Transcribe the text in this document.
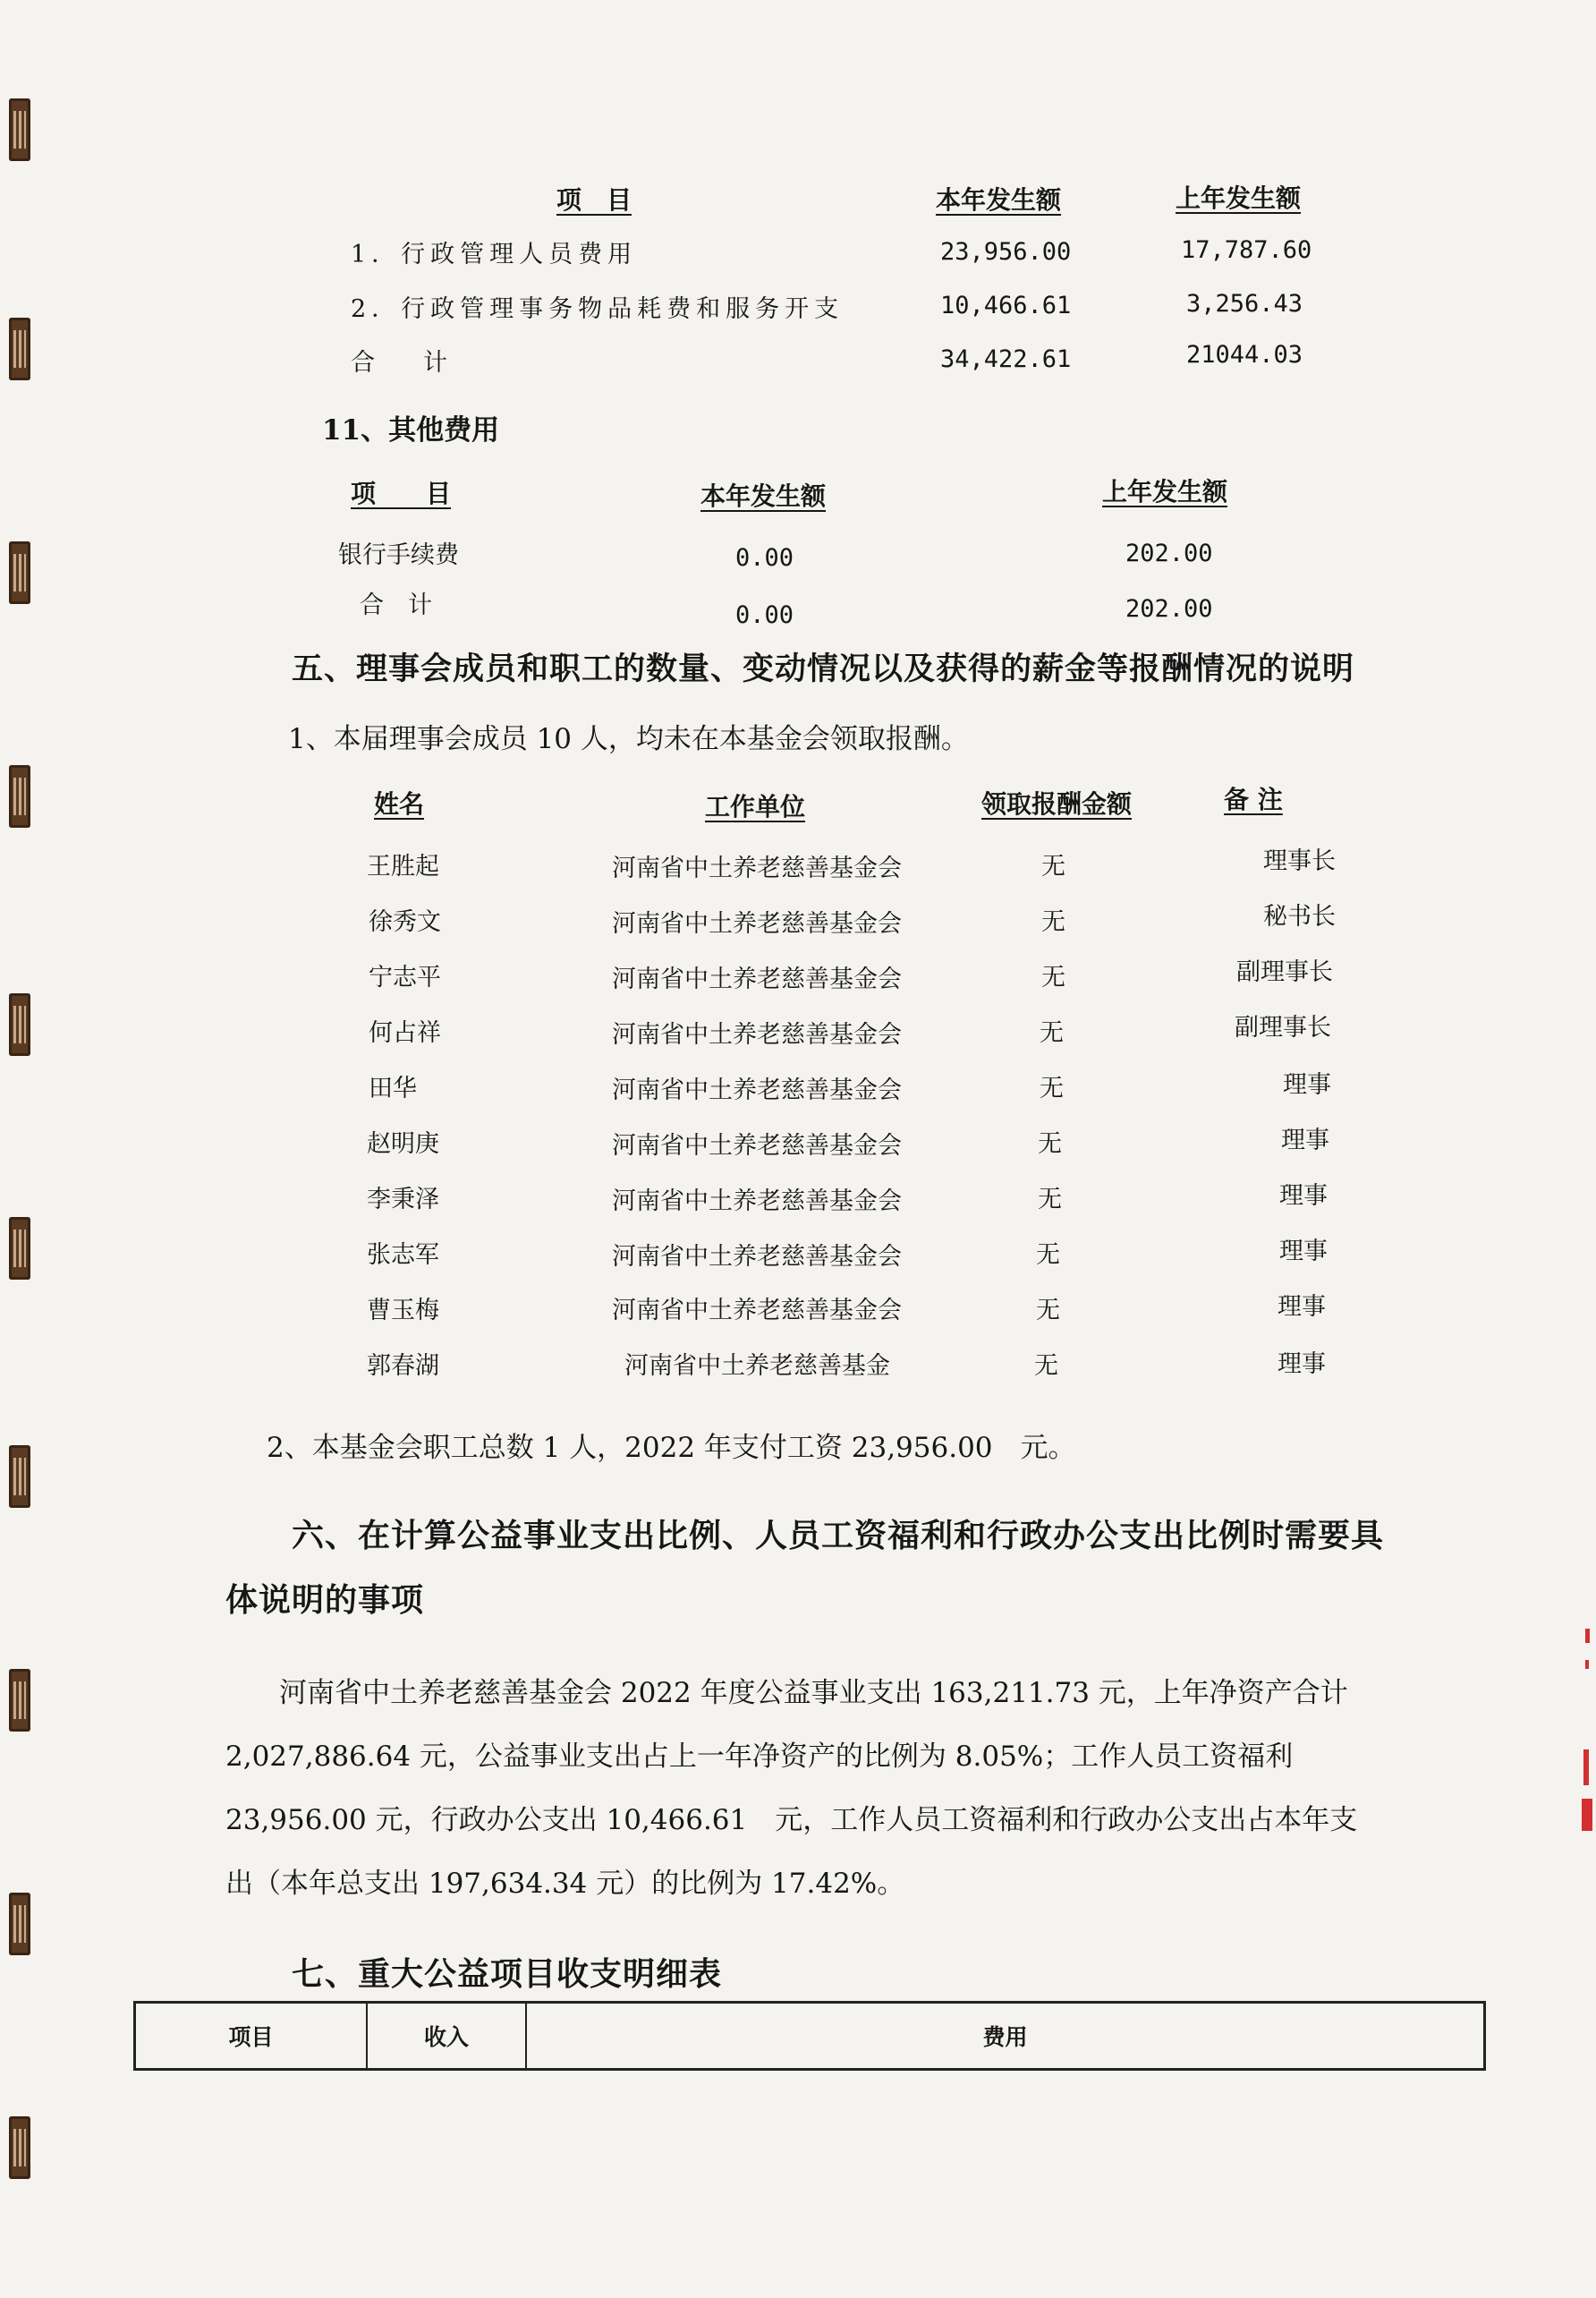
项　目	本年发生额	上年发生额
1．行政管理人员费用	23,956.00	17,787.60
2．行政管理事务物品耗费和服务开支	10,466.61	3,256.43
合　　计	34,422.61	21044.03
11、其他费用
项　　目	本年发生额	上年发生额
银行手续费	0.00	202.00
合　计	0.00	202.00
五、理事会成员和职工的数量、变动情况以及获得的薪金等报酬情况的说明
1、本届理事会成员 10 人，均未在本基金会领取报酬。
姓名	工作单位	领取报酬金额	备 注
王胜起	河南省中土养老慈善基金会	无	理事长
徐秀文	河南省中土养老慈善基金会	无	秘书长
宁志平	河南省中土养老慈善基金会	无	副理事长
何占祥	河南省中土养老慈善基金会	无	副理事长
田华	河南省中土养老慈善基金会	无	理事
赵明庚	河南省中土养老慈善基金会	无	理事
李秉泽	河南省中土养老慈善基金会	无	理事
张志军	河南省中土养老慈善基金会	无	理事
曹玉梅	河南省中土养老慈善基金会	无	理事
郭春湖	河南省中土养老慈善基金	无	理事
2、本基金会职工总数 1 人，2022 年支付工资 23,956.00　元。
六、在计算公益事业支出比例、人员工资福利和行政办公支出比例时需要具
体说明的事项
河南省中土养老慈善基金会 2022 年度公益事业支出 163,211.73 元，上年净资产合计
2,027,886.64 元，公益事业支出占上一年净资产的比例为 8.05%；工作人员工资福利
23,956.00 元，行政办公支出 10,466.61　元，工作人员工资福利和行政办公支出占本年支
出（本年总支出 197,634.34 元）的比例为 17.42%。
七、重大公益项目收支明细表
项目	收入	费用
